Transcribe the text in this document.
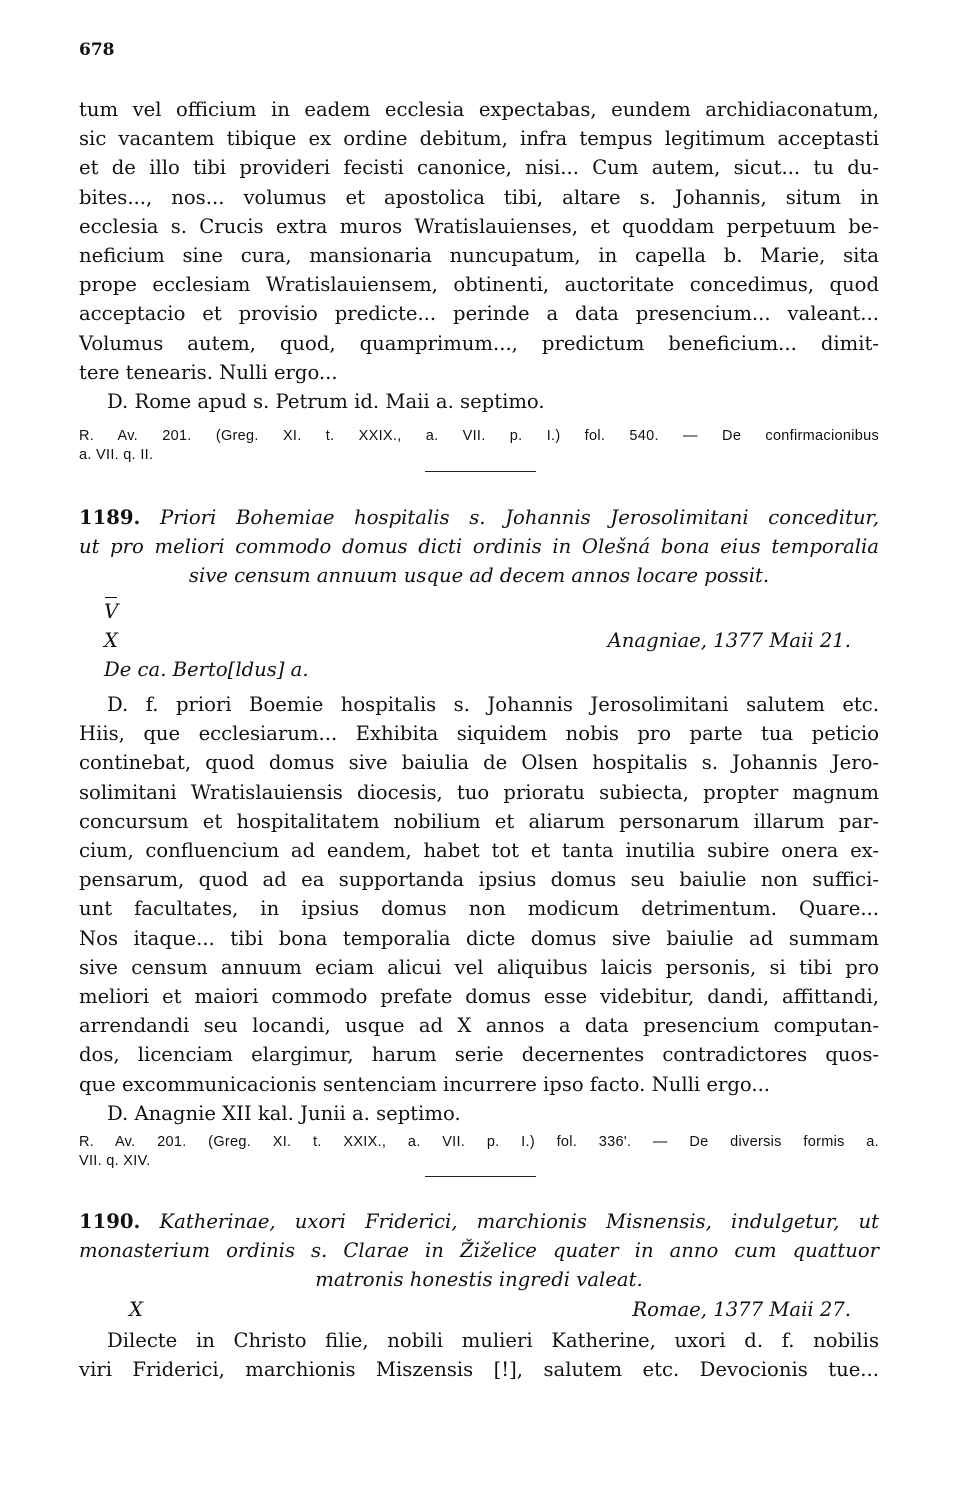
678
tum vel officium in eadem ecclesia expectabas, eundem archidiaconatum,
sic vacantem tibique ex ordine debitum, infra tempus legitimum acceptasti
et de illo tibi provideri fecisti canonice, nisi... Cum autem, sicut... tu du-
bites..., nos... volumus et apostolica tibi, altare s. Johannis, situm in
ecclesia s. Crucis extra muros Wratislauienses, et quoddam perpetuum be-
neficium sine cura, mansionaria nuncupatum, in capella b. Marie, sita
prope ecclesiam Wratislauiensem, obtinenti, auctoritate concedimus, quod
acceptacio et provisio predicte... perinde a data presencium... valeant...
Volumus autem, quod, quamprimum..., predictum beneficium... dimit-
tere tenearis. Nulli ergo...
D. Rome apud s. Petrum id. Maii a. septimo.
R. Av. 201. (Greg. XI. t. XXIX., a. VII. p. I.) fol. 540. — De confirmacionibus
a. VII. q. II.
1189. Priori Bohemiae hospitalis s. Johannis Jerosolimitani conceditur,
ut pro meliori commodo domus dicti ordinis in Olešná bona eius temporalia
sive censum annuum usque ad decem annos locare possit.
V
X	Anagniae, 1377 Maii 21.
De ca. Berto[ldus] a.
D. f. priori Boemie hospitalis s. Johannis Jerosolimitani salutem etc.
Hiis, que ecclesiarum... Exhibita siquidem nobis pro parte tua peticio
continebat, quod domus sive baiulia de Olsen hospitalis s. Johannis Jero-
solimitani Wratislauiensis diocesis, tuo prioratu subiecta, propter magnum
concursum et hospitalitatem nobilium et aliarum personarum illarum par-
cium, confluencium ad eandem, habet tot et tanta inutilia subire onera ex-
pensarum, quod ad ea supportanda ipsius domus seu baiulie non suffici-
unt facultates, in ipsius domus non modicum detrimentum. Quare...
Nos itaque... tibi bona temporalia dicte domus sive baiulie ad summam
sive censum annuum eciam alicui vel aliquibus laicis personis, si tibi pro
meliori et maiori commodo prefate domus esse videbitur, dandi, affittandi,
arrendandi seu locandi, usque ad X annos a data presencium computan-
dos, licenciam elargimur, harum serie decernentes contradictores quos-
que excommunicacionis sentenciam incurrere ipso facto. Nulli ergo...
D. Anagnie XII kal. Junii a. septimo.
R. Av. 201. (Greg. XI. t. XXIX., a. VII. p. I.) fol. 336'. — De diversis formis a.
VII. q. XIV.
1190. Katherinae, uxori Friderici, marchionis Misnensis, indulgetur, ut
monasterium ordinis s. Clarae in Žiželice quater in anno cum quattuor
matronis honestis ingredi valeat.
X	Romae, 1377 Maii 27.
Dilecte in Christo filie, nobili mulieri Katherine, uxori d. f. nobilis
viri Friderici, marchionis Miszensis [!], salutem etc. Devocionis tue...
